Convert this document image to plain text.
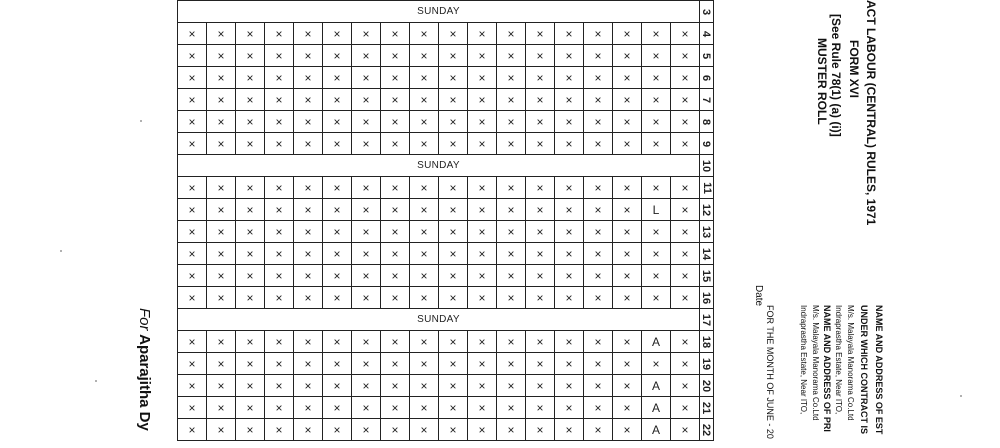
SUNDAY																		3
×	×	×	×	×	×	×	×	×	×	×	×	×	×	×	×	×	×	4
×	×	×	×	×	×	×	×	×	×	×	×	×	×	×	×	×	×	5
×	×	×	×	×	×	×	×	×	×	×	×	×	×	×	×	×	×	6
×	×	×	×	×	×	×	×	×	×	×	×	×	×	×	×	×	×	7
×	×	×	×	×	×	×	×	×	×	×	×	×	×	×	×	×	×	8
×	×	×	×	×	×	×	×	×	×	×	×	×	×	×	×	×	×	9
SUNDAY																		10
×	×	×	×	×	×	×	×	×	×	×	×	×	×	×	×	×	×	11
×	×	×	×	×	×	×	×	×	×	×	×	×	×	×	×	L	×	12
×	×	×	×	×	×	×	×	×	×	×	×	×	×	×	×	×	×	13
×	×	×	×	×	×	×	×	×	×	×	×	×	×	×	×	×	×	14
×	×	×	×	×	×	×	×	×	×	×	×	×	×	×	×	×	×	15
×	×	×	×	×	×	×	×	×	×	×	×	×	×	×	×	×	×	16
SUNDAY																		17
×	×	×	×	×	×	×	×	×	×	×	×	×	×	×	×	A	×	18
×	×	×	×	×	×	×	×	×	×	×	×	×	×	×	×	×	×	19
×	×	×	×	×	×	×	×	×	×	×	×	×	×	×	×	A	×	20
×	×	×	×	×	×	×	×	×	×	×	×	×	×	×	×	A	×	21
×	×	×	×	×	×	×	×	×	×	×	×	×	×	×	×	A	×	22
ACT LABOUR (CENTRAL) RULES, 1971
FORM XVI
[See Rule 78(1) (a) (i)]
MUSTER ROLL
NAME AND ADDRESS OF EST
UNDER WHICH CONTRACT IS
M/s. Malayala Manorama Co.Ltd
Indraprastha Estate, Near ITO,
NAME AND ADDRESS OF PRI
M/s. Malayala Manorama Co.Ltd
Indraprastha Estate, Near ITO,
FOR THE MONTH OF JUNE - 20
Date
For Aparajitha Dy
